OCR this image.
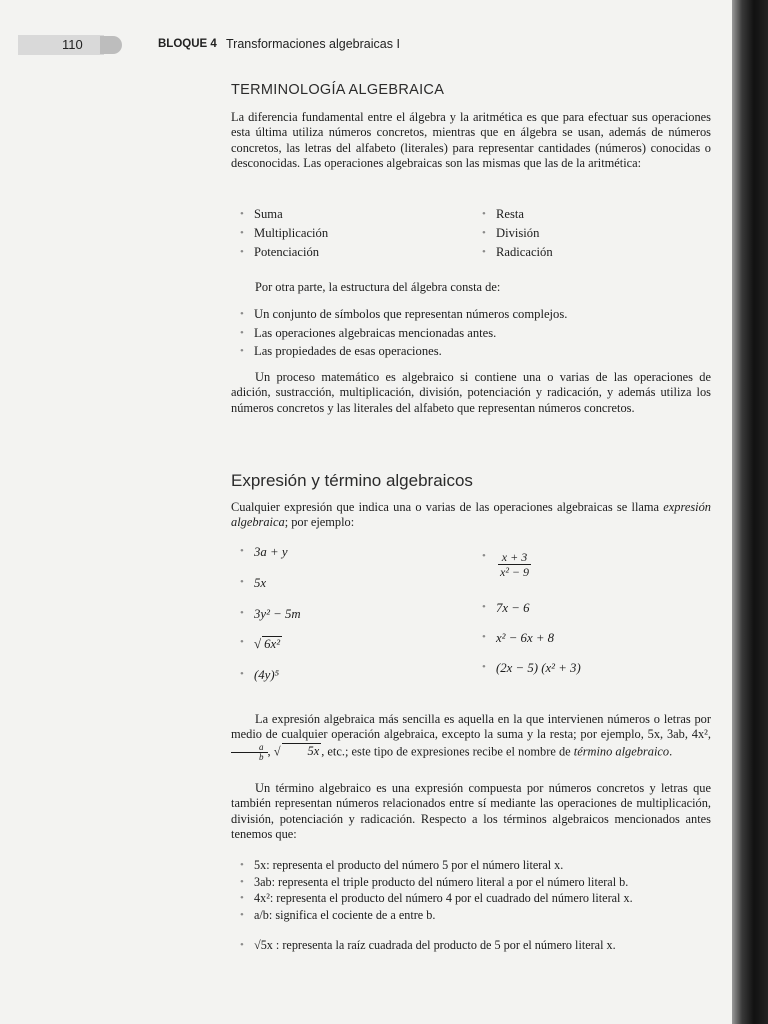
110	BLOQUE 4 Transformaciones algebraicas I
TERMINOLOGÍA ALGEBRAICA

La diferencia fundamental entre el álgebra y la aritmética es que para efectuar sus operaciones esta última utiliza números concretos, mientras que en álgebra se usan, además de números concretos, las letras del alfabeto (literales) para representar cantidades (números) conocidas o desconocidas. Las operaciones algebraicas son las mismas que las de la aritmética:

• Suma
• Multiplicación
• Potenciación
• Resta
• División
• Radicación

Por otra parte, la estructura del álgebra consta de:

• Un conjunto de símbolos que representan números complejos.
• Las operaciones algebraicas mencionadas antes.
• Las propiedades de esas operaciones.

Un proceso matemático es algebraico si contiene una o varias de las operaciones de adición, sustracción, multiplicación, división, potenciación y radicación, y además utiliza los números concretos y las literales del alfabeto que representan números concretos.

Expresión y término algebraicos

Cualquier expresión que indica una o varias de las operaciones algebraicas se llama expresión algebraica; por ejemplo:

• 3a + y
• 5x
• 3y² − 5m
• √ 6x²
• (4y)⁵
• $\frac{x + 3}{\text{x² − 9}}$
• 7x − 6
• x² − 6x + 8
• (2x − 5) (x² + 3)

La expresión algebraica más sencilla es aquella en la que intervienen números o letras por medio de cualquier operación algebraica, excepto la suma y la resta; por ejemplo, 5x, 3ab, 4x²,
$\frac{a}{b}$ , √ 5x , etc.; este tipo de expresiones recibe el nombre de término algebraico.

Un término algebraico es una expresión compuesta por números concretos y letras que también representan números relacionados entre sí mediante las operaciones de multiplicación, división, potenciación y radicación. Respecto a los términos algebraicos mencionados antes tenemos que:

• 5x: representa el producto del número 5 por el número literal x.
• 3ab: representa el triple producto del número literal a por el número literal b.
• 4x²: representa el producto del número 4 por el cuadrado del número literal x.
• a/b: significa el cociente de a entre b.
• √5x : representa la raíz cuadrada del producto de 5 por el número literal x.
